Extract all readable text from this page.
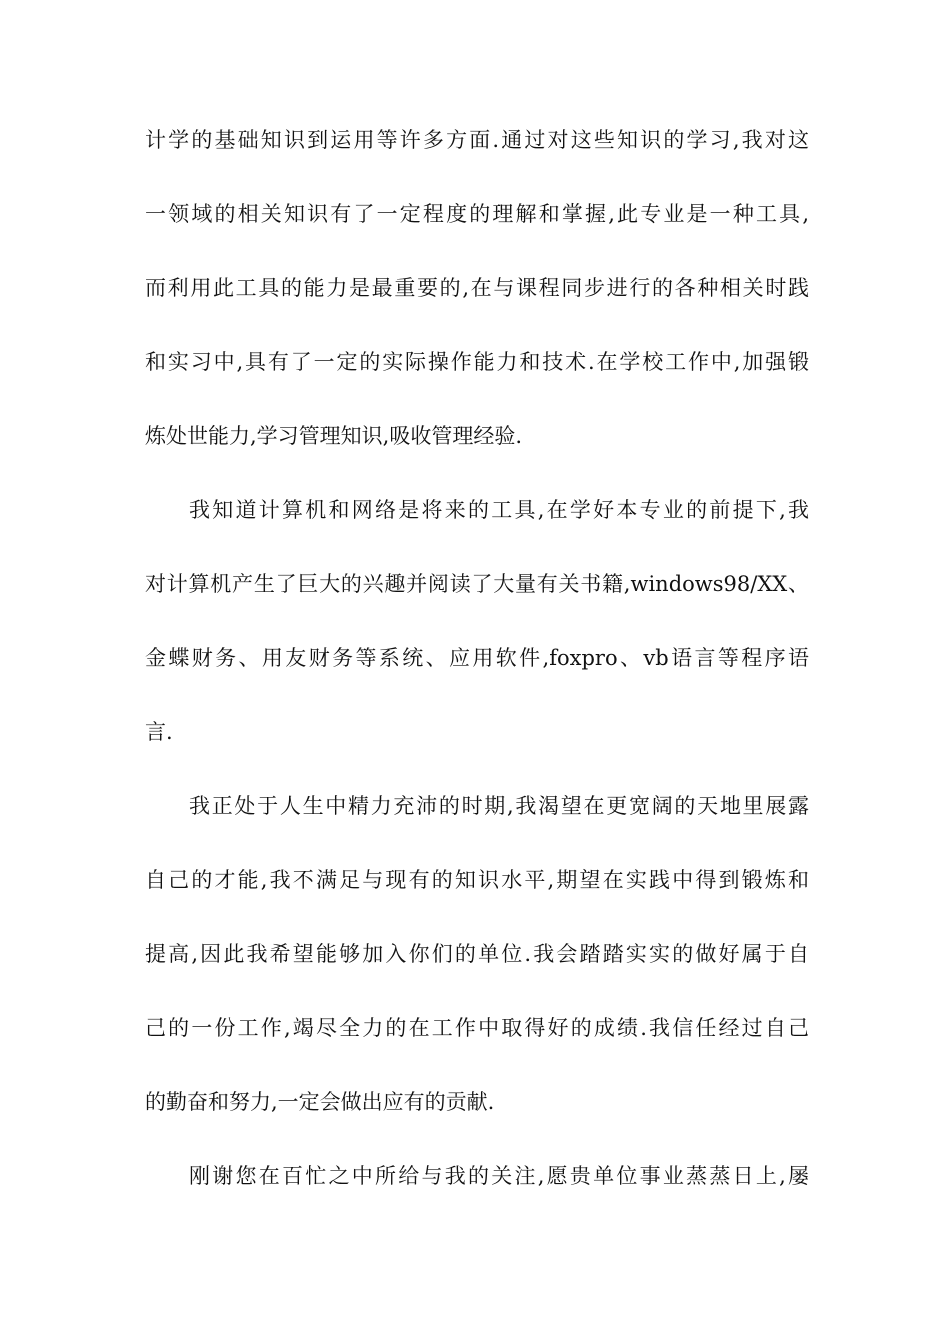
计学的基础知识到运用等许多方面.通过对这些知识的学习,我对这
一领域的相关知识有了一定程度的理解和掌握,此专业是一种工具,
而利用此工具的能力是最重要的,在与课程同步进行的各种相关时践
和实习中,具有了一定的实际操作能力和技术.在学校工作中,加强锻
炼处世能力,学习管理知识,吸收管理经验.
我知道计算机和网络是将来的工具,在学好本专业的前提下,我
对计算机产生了巨大的兴趣并阅读了大量有关书籍,windows98/XX、
金蝶财务、用友财务等系统、应用软件,foxpro、vb语言等程序语
言.
我正处于人生中精力充沛的时期,我渴望在更宽阔的天地里展露
自己的才能,我不满足与现有的知识水平,期望在实践中得到锻炼和
提高,因此我希望能够加入你们的单位.我会踏踏实实的做好属于自
己的一份工作,竭尽全力的在工作中取得好的成绩.我信任经过自己
的勤奋和努力,一定会做出应有的贡献.
刚谢您在百忙之中所给与我的关注,愿贵单位事业蒸蒸日上,屡
